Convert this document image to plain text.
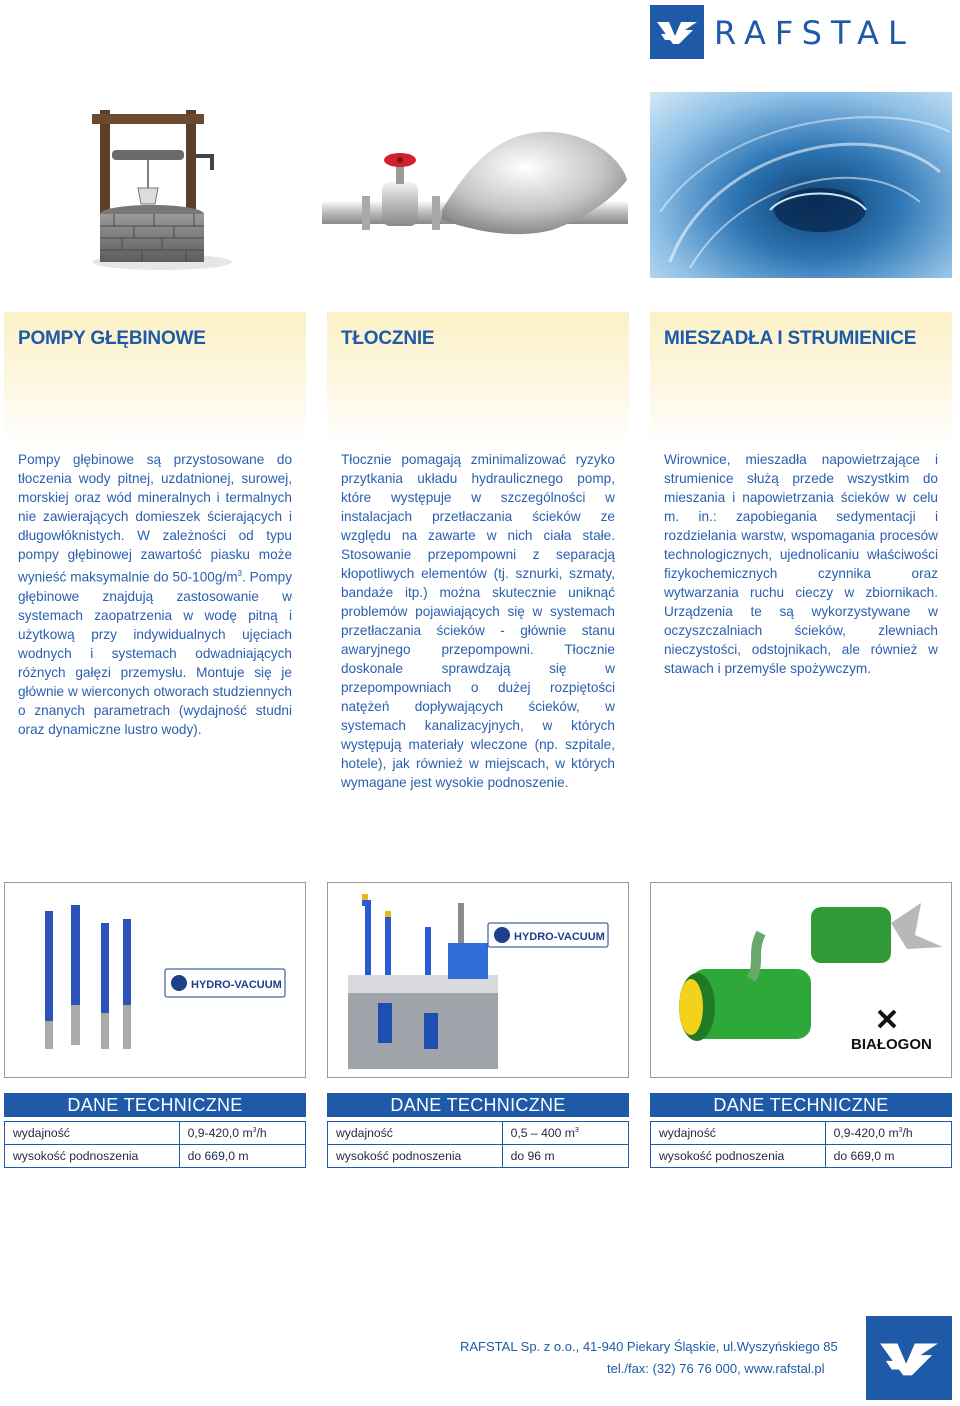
RAFSTAL
POMPY GŁĘBINOWE
Pompy głębinowe są przystosowane do tłoczenia wody pitnej, uzdatnionej, surowej, morskiej oraz wód mineralnych i termalnych nie zawierających domieszek ścierających i długowłóknistych. W zależności od typu pompy głębinowej zawartość piasku może wynieść maksymalnie do $50-100g/m^3$. Pompy głębinowe znajdują zastosowanie w systemach zaopatrzenia w wodę pitną i użytkową przy indywidualnych ujęciach wodnych i systemach odwadniających różnych gałęzi przemysłu. Montuje się je głównie w wierconych otworach studziennych o znanych parametrach (wydajność studni oraz dynamiczne lustro wody).
TŁOCZNIE
Tłocznie pomagają zminimalizować ryzyko przytkania układu hydraulicznego pomp, które występuje w szczególności w instalacjach przetłaczania ścieków ze względu na zawarte w nich ciała stałe. Stosowanie przepompowni z separacją kłopotliwych elementów (tj. sznurki, szmaty, bandaże itp.) można skutecznie uniknąć problemów pojawiających się w systemach przetłaczania ścieków - głównie stanu awaryjnego przepompowni. Tłocznie doskonale sprawdzają się w przepompowniach o dużej rozpiętości natężeń dopływających ścieków, w systemach kanalizacyjnych, w których występują materiały wleczone (np. szpitale, hotele), jak również w miejscach, w których wymagane jest wysokie podnoszenie.
MIESZADŁA I STRUMIENICE
Wirownice, mieszadła napowietrzające i strumienice służą przede wszystkim do mieszania i napowietrzania ścieków w celu m. in.: zapobiegania sedymentacji i rozdzielania warstw, wspomagania procesów technologicznych, ujednolicaniu właściwości fizykochemicznych czynnika oraz wytwarzania ruchu cieczy w zbiornikach. Urządzenia te są wykorzystywane w oczyszczalniach ścieków, zlewniach nieczystości, odstojnikach, ale również w stawach i przemyśle spożywczym.
HYDRO-VACUUM
HYDRO-VACUUM
BIAŁOGON
DANE TECHNICZNE
wydajność	0,9-420,0 $m^3/h$
wysokość podnoszenia	do 669,0 m
DANE TECHNICZNE
wydajność	0,5 – 400 $m^3$
wysokość podnoszenia	do 96 m
DANE TECHNICZNE
wydajność	0,9-420,0 $m^3/h$
wysokość podnoszenia	do 669,0 m
RAFSTAL Sp. z o.o., 41-940 Piekary Śląskie, ul.Wyszyńskiego 85
tel./fax: (32) 76 76 000, www.rafstal.pl
